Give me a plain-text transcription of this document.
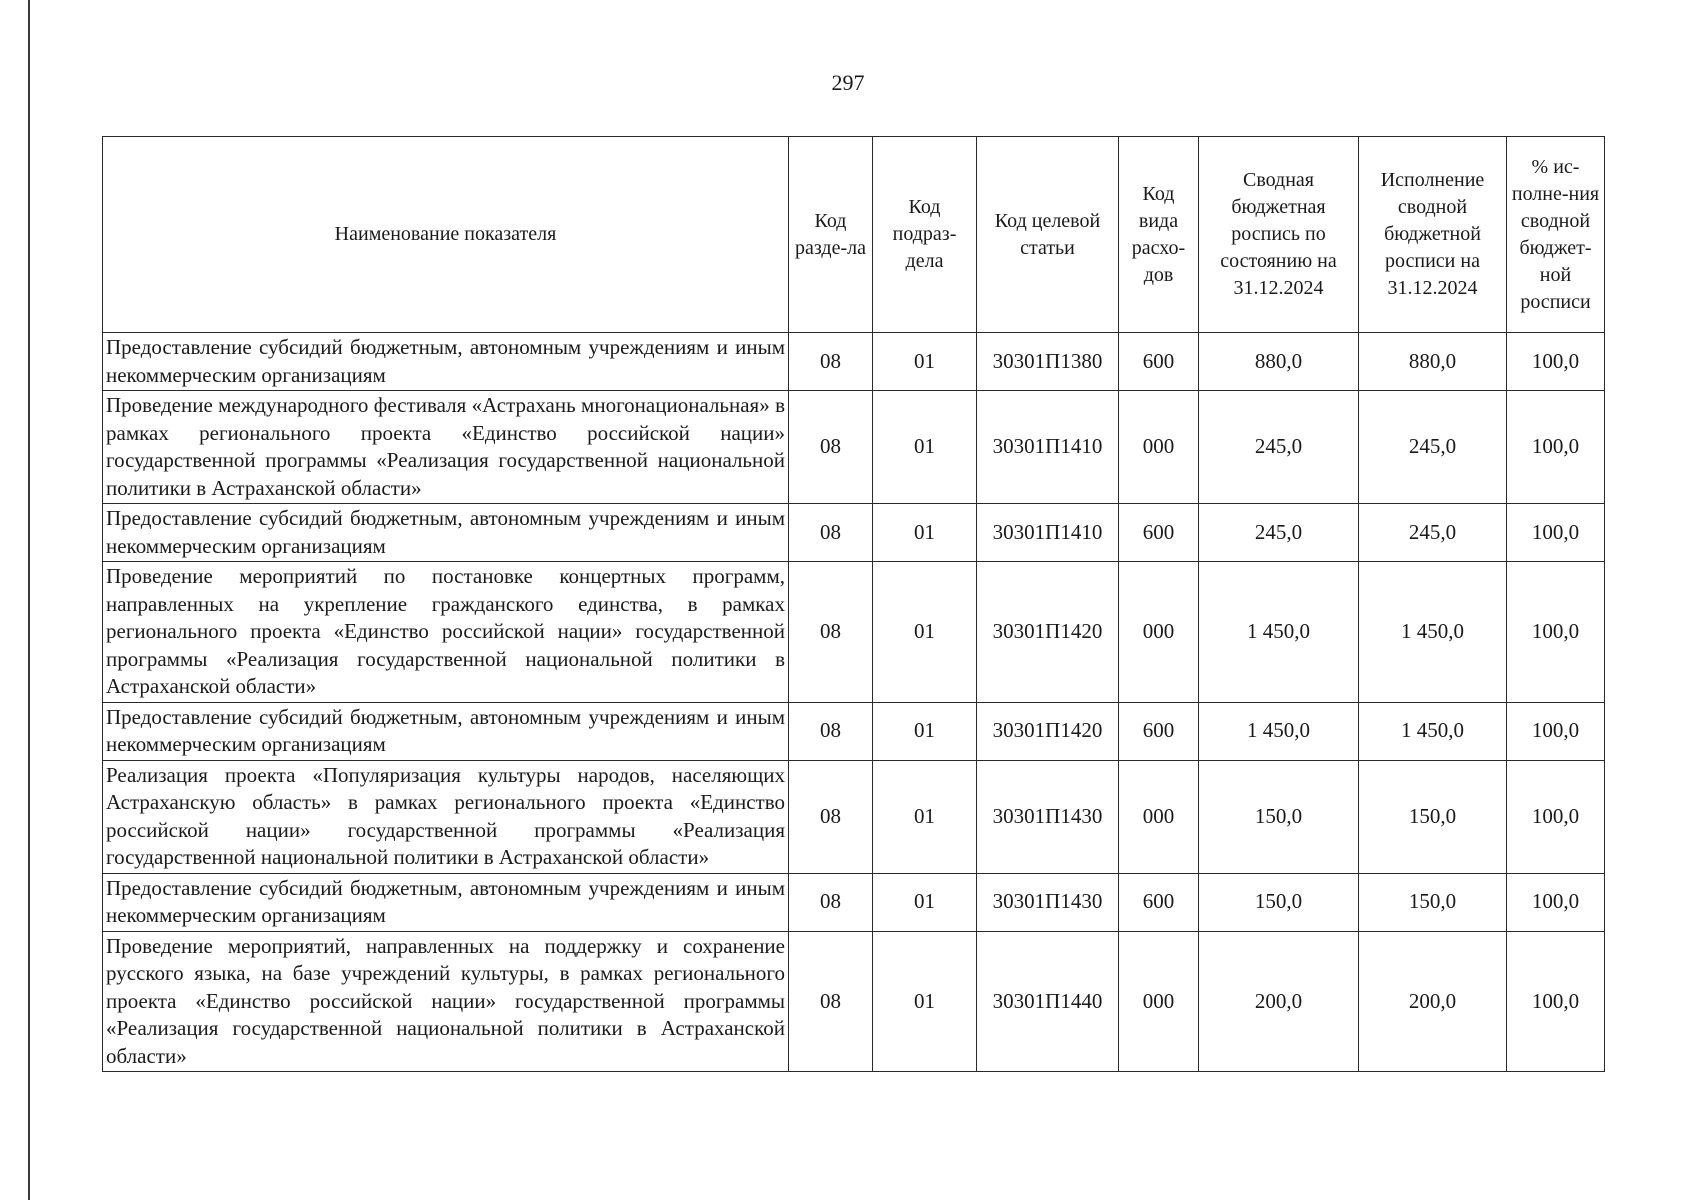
297
Наименование показателя	Код разде-ла	Код подраз-дела	Код целевой статьи	Код вида расхо-дов	Сводная бюджетная роспись по состоянию на 31.12.2024	Исполнение сводной бюджетной росписи на 31.12.2024	% ис-полне-ния сводной бюджет-ной росписи
Предоставление субсидий бюджетным, автономным учреждениям и иным некоммерческим организациям	08	01	30301П1380	600	880,0	880,0	100,0
Проведение международного фестиваля «Астрахань многонациональная» в рамках регионального проекта «Единство российской нации» государственной программы «Реализация государственной национальной политики в Астраханской области»	08	01	30301П1410	000	245,0	245,0	100,0
Предоставление субсидий бюджетным, автономным учреждениям и иным некоммерческим организациям	08	01	30301П1410	600	245,0	245,0	100,0
Проведение мероприятий по постановке концертных программ, направленных на укрепление гражданского единства, в рамках регионального проекта «Единство российской нации» государственной программы «Реализация государственной национальной политики в Астраханской области»	08	01	30301П1420	000	1 450,0	1 450,0	100,0
Предоставление субсидий бюджетным, автономным учреждениям и иным некоммерческим организациям	08	01	30301П1420	600	1 450,0	1 450,0	100,0
Реализация проекта «Популяризация культуры народов, населяющих Астраханскую область» в рамках регионального проекта «Единство российской нации» государственной программы «Реализация государственной национальной политики в Астраханской области»	08	01	30301П1430	000	150,0	150,0	100,0
Предоставление субсидий бюджетным, автономным учреждениям и иным некоммерческим организациям	08	01	30301П1430	600	150,0	150,0	100,0
Проведение мероприятий, направленных на поддержку и сохранение русского языка, на базе учреждений культуры, в рамках регионального проекта «Единство российской нации» государственной программы «Реализация государственной национальной политики в Астраханской области»	08	01	30301П1440	000	200,0	200,0	100,0
